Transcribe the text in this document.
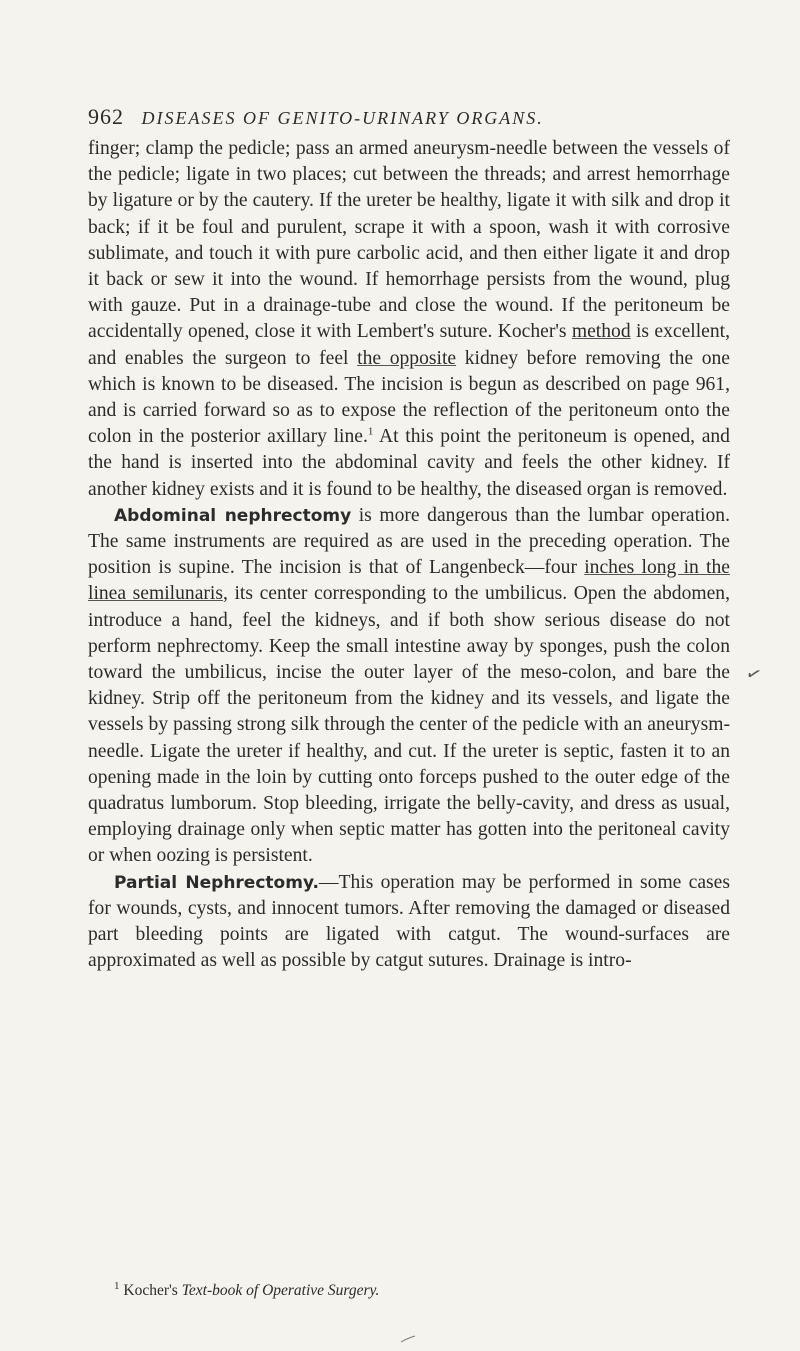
962 DISEASES OF GENITO-URINARY ORGANS.

finger; clamp the pedicle; pass an armed aneurysm-needle between the vessels of the pedicle; ligate in two places; cut between the threads; and arrest hemorrhage by ligature or by the cautery. If the ureter be healthy, ligate it with silk and drop it back; if it be foul and purulent, scrape it with a spoon, wash it with corrosive sublimate, and touch it with pure carbolic acid, and then either ligate it and drop it back or sew it into the wound. If hemorrhage persists from the wound, plug with gauze. Put in a drainage-tube and close the wound. If the peritoneum be accidentally opened, close it with Lembert's suture. Kocher's method is excellent, and enables the surgeon to feel the opposite kidney before removing the one which is known to be diseased. The incision is begun as described on page 961, and is carried forward so as to expose the reflection of the peritoneum onto the colon in the posterior axillary line.$^1$ At this point the peritoneum is opened, and the hand is inserted into the abdominal cavity and feels the other kidney. If another kidney exists and it is found to be healthy, the diseased organ is removed.

Abdominal nephrectomy is more dangerous than the lumbar operation. The same instruments are required as are used in the preceding operation. The position is supine. The incision is that of Langenbeck—four inches long in the linea semilunaris, its center corresponding to the umbilicus. Open the abdomen, introduce a hand, feel the kidneys, and if both show serious disease do not perform nephrectomy. Keep the small intestine away by sponges, push the colon toward the umbilicus, incise the outer layer of the meso-colon, and bare the kidney. Strip off the peritoneum from the kidney and its vessels, and ligate the vessels by passing strong silk through the center of the pedicle with an aneurysm-needle. Ligate the ureter if healthy, and cut. If the ureter is septic, fasten it to an opening made in the loin by cutting onto forceps pushed to the outer edge of the quadratus lumborum. Stop bleeding, irrigate the belly-cavity, and dress as usual, employing drainage only when septic matter has gotten into the peritoneal cavity or when oozing is persistent.

Partial Nephrectomy.—This operation may be performed in some cases for wounds, cysts, and innocent tumors. After removing the damaged or diseased part bleeding points are ligated with catgut. The wound-surfaces are approximated as well as possible by catgut sutures. Drainage is intro-

✓
$^1$ Kocher's Text-book of Operative Surgery.
